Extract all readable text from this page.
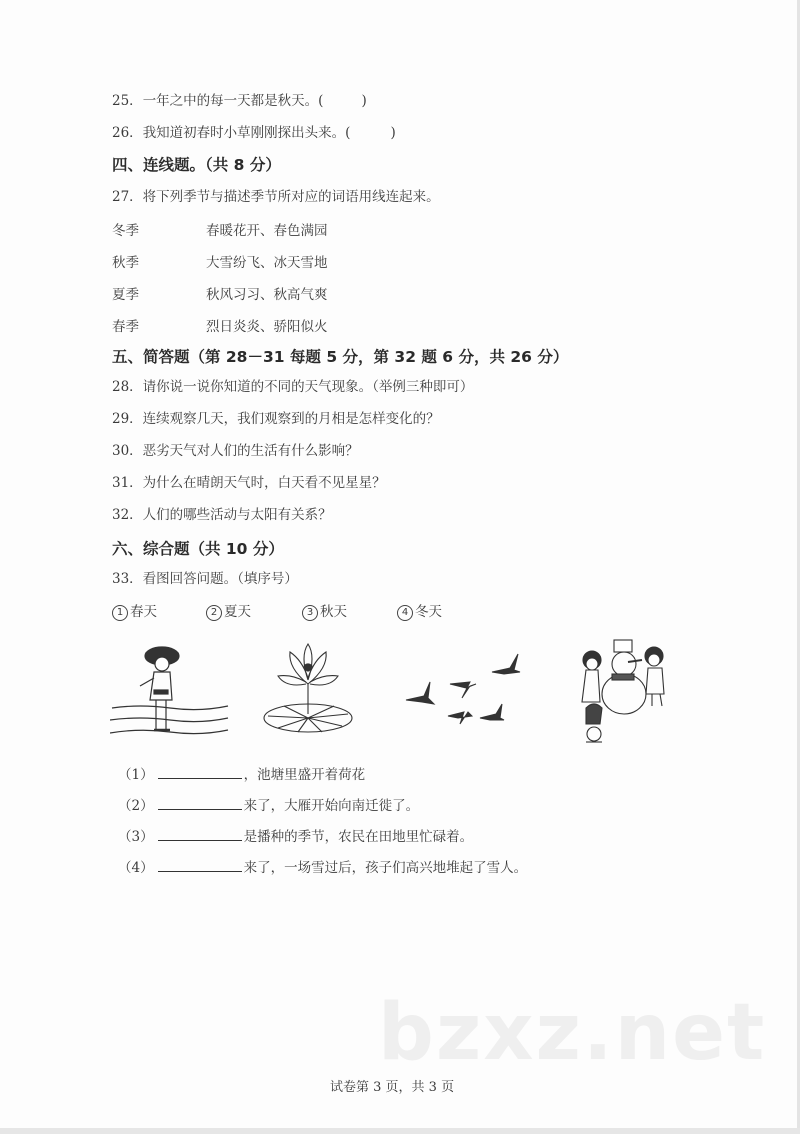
25．一年之中的每一天都是秋天。(	)
26．我知道初春时小草刚刚探出头来。(	)
四、连线题。（共 8 分）
27．将下列季节与描述季节所对应的词语用线连起来。
冬季	春暖花开、春色满园
秋季	大雪纷飞、冰天雪地
夏季	秋风习习、秋高气爽
春季	烈日炎炎、骄阳似火
五、简答题（第 28－31 每题 5 分，第 32 题 6 分，共 26 分）
28．请你说一说你知道的不同的天气现象。（举例三种即可）
29．连续观察几天，我们观察到的月相是怎样变化的？
30．恶劣天气对人们的生活有什么影响？
31．为什么在晴朗天气时，白天看不见星星？
32．人们的哪些活动与太阳有关系？
六、综合题（共 10 分）
33．看图回答问题。（填序号）
1 春天	2 夏天	3 秋天	4 冬天
（1）	，池塘里盛开着荷花
（2）	来了，大雁开始向南迁徙了。
（3）	是播种的季节，农民在田地里忙碌着。
（4）	来了，一场雪过后，孩子们高兴地堆起了雪人。
bzxz.net
试卷第 3 页，共 3 页
